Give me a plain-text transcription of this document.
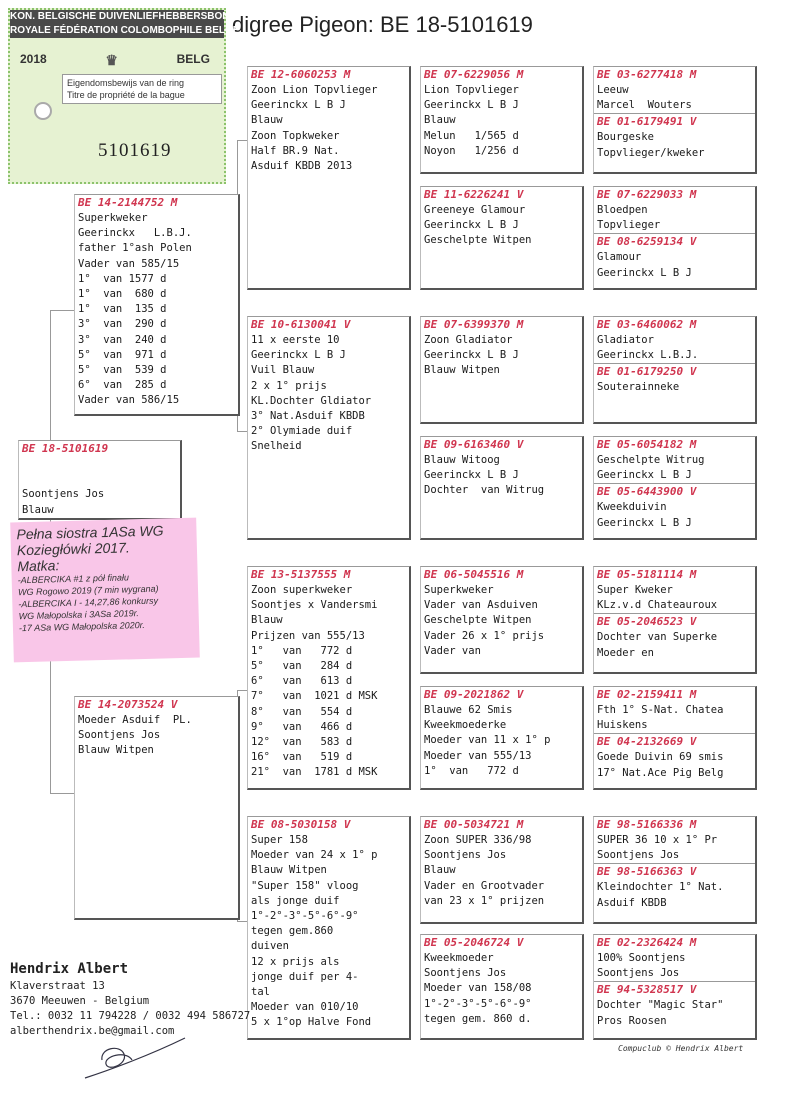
digree Pigeon: BE 18-5101619
KON. BELGISCHE DUIVENLIEFHEBBERSBOND
ROYALE FÉDÉRATION COLOMBOPHILE BELGE
2018	♛	BELG
Eigendomsbewijs van de ring
Titre de propriété de la bague
5101619
BE 18-5101619

Soontjens Jos
Blauw
BE 14-2144752 M
Superkweker
Geerinckx   L.B.J.
father 1°ash Polen
Vader van 585/15
1°  van 1577 d
1°  van  680 d
1°  van  135 d
3°  van  290 d
3°  van  240 d
5°  van  971 d
5°  van  539 d
6°  van  285 d
Vader van 586/15
BE 14-2073524 V
Moeder Asduif  PL.
Soontjens Jos
Blauw Witpen
BE 12-6060253 M
Zoon Lion Topvlieger
Geerinckx L B J
Blauw
Zoon Topkweker
Half BR.9 Nat.
Asduif KBDB 2013
BE 10-6130041 V
11 x eerste 10
Geerinckx L B J
Vuil Blauw
2 x 1° prijs
KL.Dochter Gldiator
3° Nat.Asduif KBDB
2° Olymiade duif
Snelheid
BE 13-5137555 M
Zoon superkweker
Soontjes x Vandersmi
Blauw
Prijzen van 555/13
1°   van   772 d
5°   van   284 d
6°   van   613 d
7°   van  1021 d MSK
8°   van   554 d
9°   van   466 d
12°  van   583 d
16°  van   519 d
21°  van  1781 d MSK
BE 08-5030158 V
Super 158
Moeder van 24 x 1° p
Blauw Witpen
"Super 158" vloog
als jonge duif
1°-2°-3°-5°-6°-9°
tegen gem.860
duiven
12 x prijs als
jonge duif per 4-
tal
Moeder van 010/10
5 x 1°op Halve Fond
BE 07-6229056 M
Lion Topvlieger
Geerinckx L B J
Blauw
Melun   1/565 d
Noyon   1/256 d
BE 11-6226241 V
Greeneye Glamour
Geerinckx L B J
Geschelpte Witpen
BE 07-6399370 M
Zoon Gladiator
Geerinckx L B J
Blauw Witpen
BE 09-6163460 V
Blauw Witoog
Geerinckx L B J
Dochter  van Witrug
BE 06-5045516 M
Superkweker
Vader van Asduiven
Geschelpte Witpen
Vader 26 x 1° prijs
Vader van
BE 09-2021862 V
Blauwe 62 Smis
Kweekmoederke
Moeder van 11 x 1° p
Moeder van 555/13
1°  van   772 d
BE 00-5034721 M
Zoon SUPER 336/98
Soontjens Jos
Blauw
Vader en Grootvader
van 23 x 1° prijzen
BE 05-2046724 V
Kweekmoeder
Soontjens Jos
Moeder van 158/08
1°-2°-3°-5°-6°-9°
tegen gem. 860 d.
BE 03-6277418 M
Leeuw
Marcel  Wouters
BE 01-6179491 V
Bourgeske
Topvlieger/kweker
BE 07-6229033 M
Bloedpen
Topvlieger
BE 08-6259134 V
Glamour
Geerinckx L B J
BE 03-6460062 M
Gladiator
Geerinckx L.B.J.
BE 01-6179250 V
Souterainneke
BE 05-6054182 M
Geschelpte Witrug
Geerinckx L B J
BE 05-6443900 V
Kweekduivin
Geerinckx L B J
BE 05-5181114 M
Super Kweker
KLz.v.d Chateauroux
BE 05-2046523 V
Dochter van Superke
Moeder en
BE 02-2159411 M
Fth 1° S-Nat. Chatea
Huiskens
BE 04-2132669 V
Goede Duivin 69 smis
17° Nat.Ace Pig Belg
BE 98-5166336 M
SUPER 36 10 x 1° Pr
Soontjens Jos
BE 98-5166363 V
Kleindochter 1° Nat.
Asduif KBDB
BE 02-2326424 M
100% Soontjens
Soontjens Jos
BE 94-5328517 V
Dochter "Magic Star"
Pros Roosen
Pełna siostra 1ASa WG
Koziegłówki 2017.
Matka:
-ALBERCIKA #1 z pół finału
WG Rogowo 2019 (7 min wygrana)
-ALBERCIKA I - 14,27,86 konkursy
WG Małopolska i 3ASa 2019r.
-17 ASa WG Małopolska 2020r.
Hendrix Albert
Klaverstraat 13
3670 Meeuwen - Belgium
Tel.: 0032 11 794228 / 0032 494 586727
alberthendrix.be@gmail.com
Compuclub © Hendrix Albert
